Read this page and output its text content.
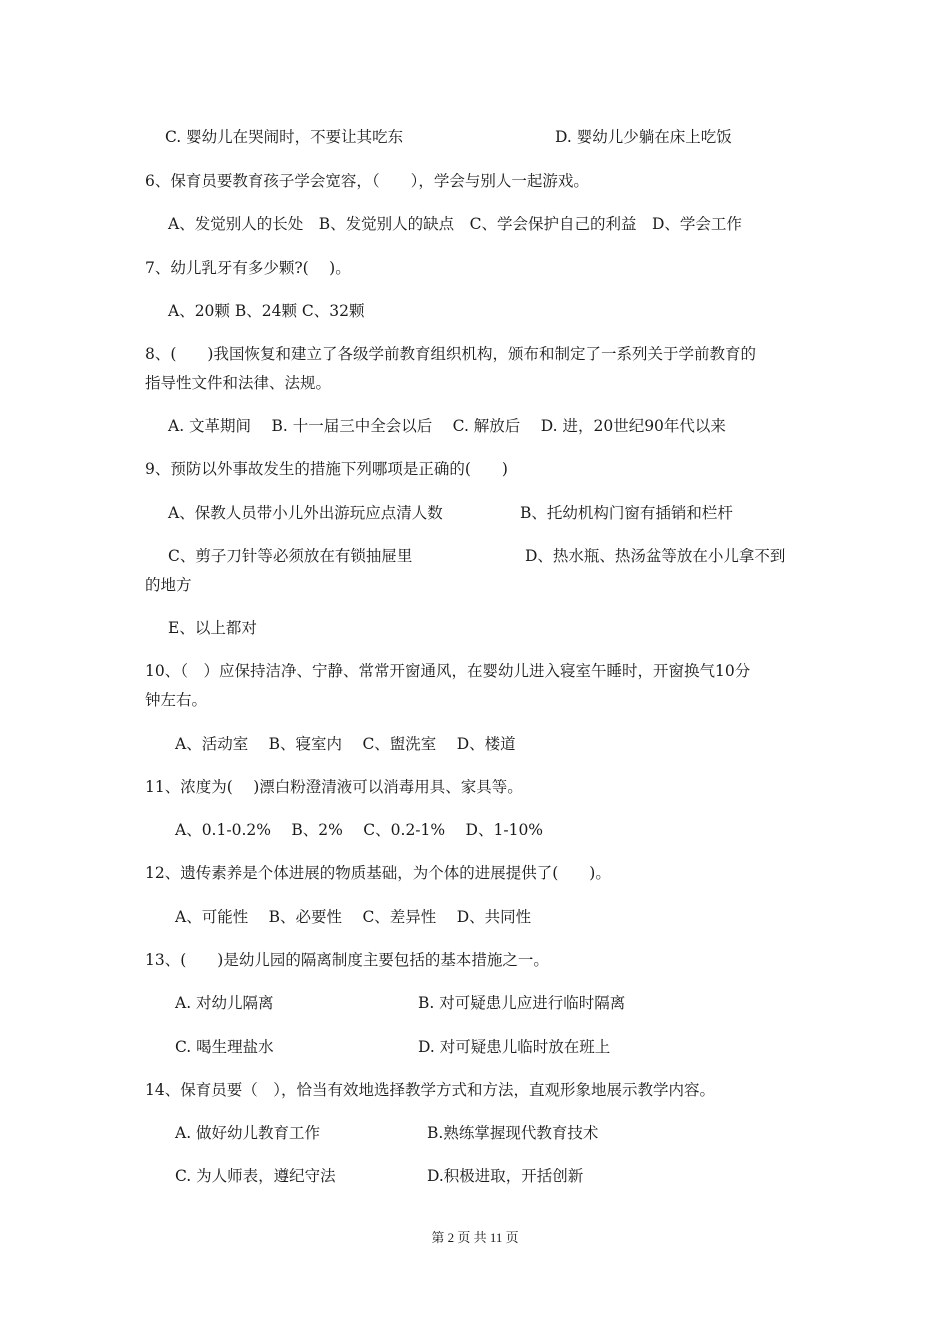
C. 婴幼儿在哭闹时，不要让其吃东	D. 婴幼儿少躺在床上吃饭
6、保育员要教育孩子学会宽容，（　　），学会与别人一起游戏。
A、发觉别人的长处　B、发觉别人的缺点　C、学会保护自己的利益　D、学会工作
7、幼儿乳牙有多少颗?(　 )。
A、20颗 B、24颗 C、32颗
8、(　　)我国恢复和建立了各级学前教育组织机构，颁布和制定了一系列关于学前教育的
指导性文件和法律、法规。
A. 文革期间　 B. 十一届三中全会以后　 C. 解放后　 D. 进，20世纪90年代以来
9、预防以外事故发生的措施下列哪项是正确的(　　)
A、保教人员带小儿外出游玩应点清人数	B、托幼机构门窗有插销和栏杆
C、剪子刀针等必须放在有锁抽屉里	D、热水瓶、热汤盆等放在小儿拿不到
的地方
E、以上都对
10、（　）应保持洁净、宁静、常常开窗通风，在婴幼儿进入寝室午睡时，开窗换气10分
钟左右。
A、活动室　 B、寝室内　 C、盥洗室　 D、楼道
11、浓度为(　 )漂白粉澄清液可以消毒用具、家具等。
A、0.1-0.2%　 B、2%　 C、0.2-1%　 D、1-10%
12、遗传素养是个体进展的物质基础，为个体的进展提供了(　　)。
A、可能性　 B、必要性　 C、差异性　 D、共同性
13、(　　)是幼儿园的隔离制度主要包括的基本措施之一。
A. 对幼儿隔离	B. 对可疑患儿应进行临时隔离
C. 喝生理盐水	D. 对可疑患儿临时放在班上
14、保育员要（　），恰当有效地选择教学方式和方法，直观形象地展示教学内容。
A. 做好幼儿教育工作	B.熟练掌握现代教育技术
C. 为人师表，遵纪守法	D.积极进取，开括创新
第 2 页 共 11 页
